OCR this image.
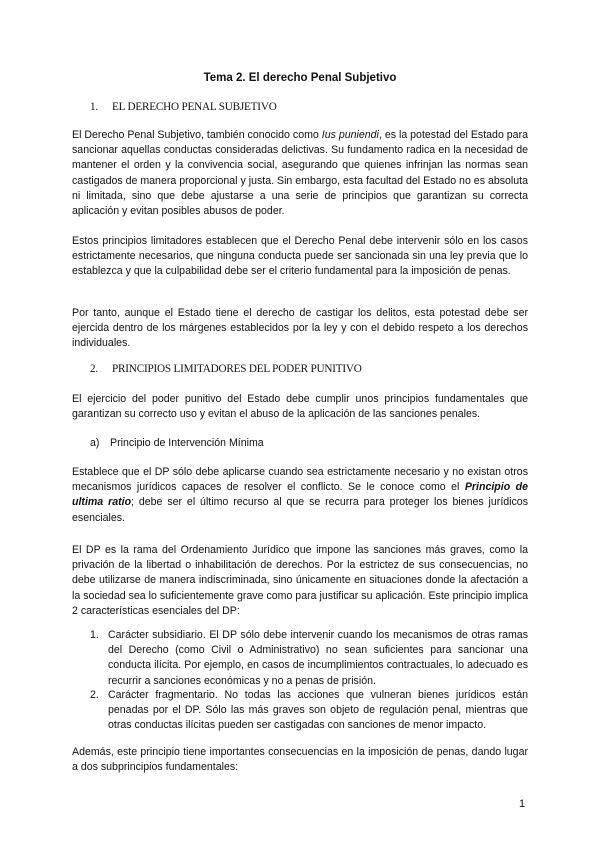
Tema 2. El derecho Penal Subjetivo
1. EL DERECHO PENAL SUBJETIVO

El Derecho Penal Subjetivo, también conocido como Ius puniendi, es la potestad del Estado para sancionar aquellas conductas consideradas delictivas. Su fundamento radica en la necesidad de mantener el orden y la convivencia social, asegurando que quienes infrinjan las normas sean castigados de manera proporcional y justa. Sin embargo, esta facultad del Estado no es absoluta ni limitada, sino que debe ajustarse a una serie de principios que garantizan su correcta aplicación y evitan posibles abusos de poder.

Estos principios limitadores establecen que el Derecho Penal debe intervenir sólo en los casos estrictamente necesarios, que ninguna conducta puede ser sancionada sin una ley previa que lo establezca y que la culpabilidad debe ser el criterio fundamental para la imposición de penas.

Por tanto, aunque el Estado tiene el derecho de castigar los delitos, esta potestad debe ser ejercida dentro de los márgenes establecidos por la ley y con el debido respeto a los derechos individuales.

2. PRINCIPIOS LIMITADORES DEL PODER PUNITIVO

El ejercicio del poder punitivo del Estado debe cumplir unos principios fundamentales que garantizan su correcto uso y evitan el abuso de la aplicación de las sanciones penales.

a) Principio de Intervención Mínima

Establece que el DP sólo debe aplicarse cuando sea estrictamente necesario y no existan otros mecanismos jurídicos capaces de resolver el conflicto. Se le conoce como el Principio de ultima ratio; debe ser el último recurso al que se recurra para proteger los bienes jurídicos esenciales.

El DP es la rama del Ordenamiento Jurídico que impone las sanciones más graves, como la privación de la libertad o inhabilitación de derechos. Por la estrictez de sus consecuencias, no debe utilizarse de manera indiscriminada, sino únicamente en situaciones donde la afectación a la sociedad sea lo suficientemente grave como para justificar su aplicación. Este principio implica 2 características esenciales del DP:

1. Carácter subsidiario. El DP sólo debe intervenir cuando los mecanismos de otras ramas del Derecho (como Civil o Administrativo) no sean suficientes para sancionar una conducta ilícita. Por ejemplo, en casos de incumplimientos contractuales, lo adecuado es recurrir a sanciones económicas y no a penas de prisión.
2. Carácter fragmentario. No todas las acciones que vulneran bienes jurídicos están penadas por el DP. Sólo las más graves son objeto de regulación penal, mientras que otras conductas ilícitas pueden ser castigadas con sanciones de menor impacto.

Además, este principio tiene importantes consecuencias en la imposición de penas, dando lugar a dos subprincipios fundamentales:

1
